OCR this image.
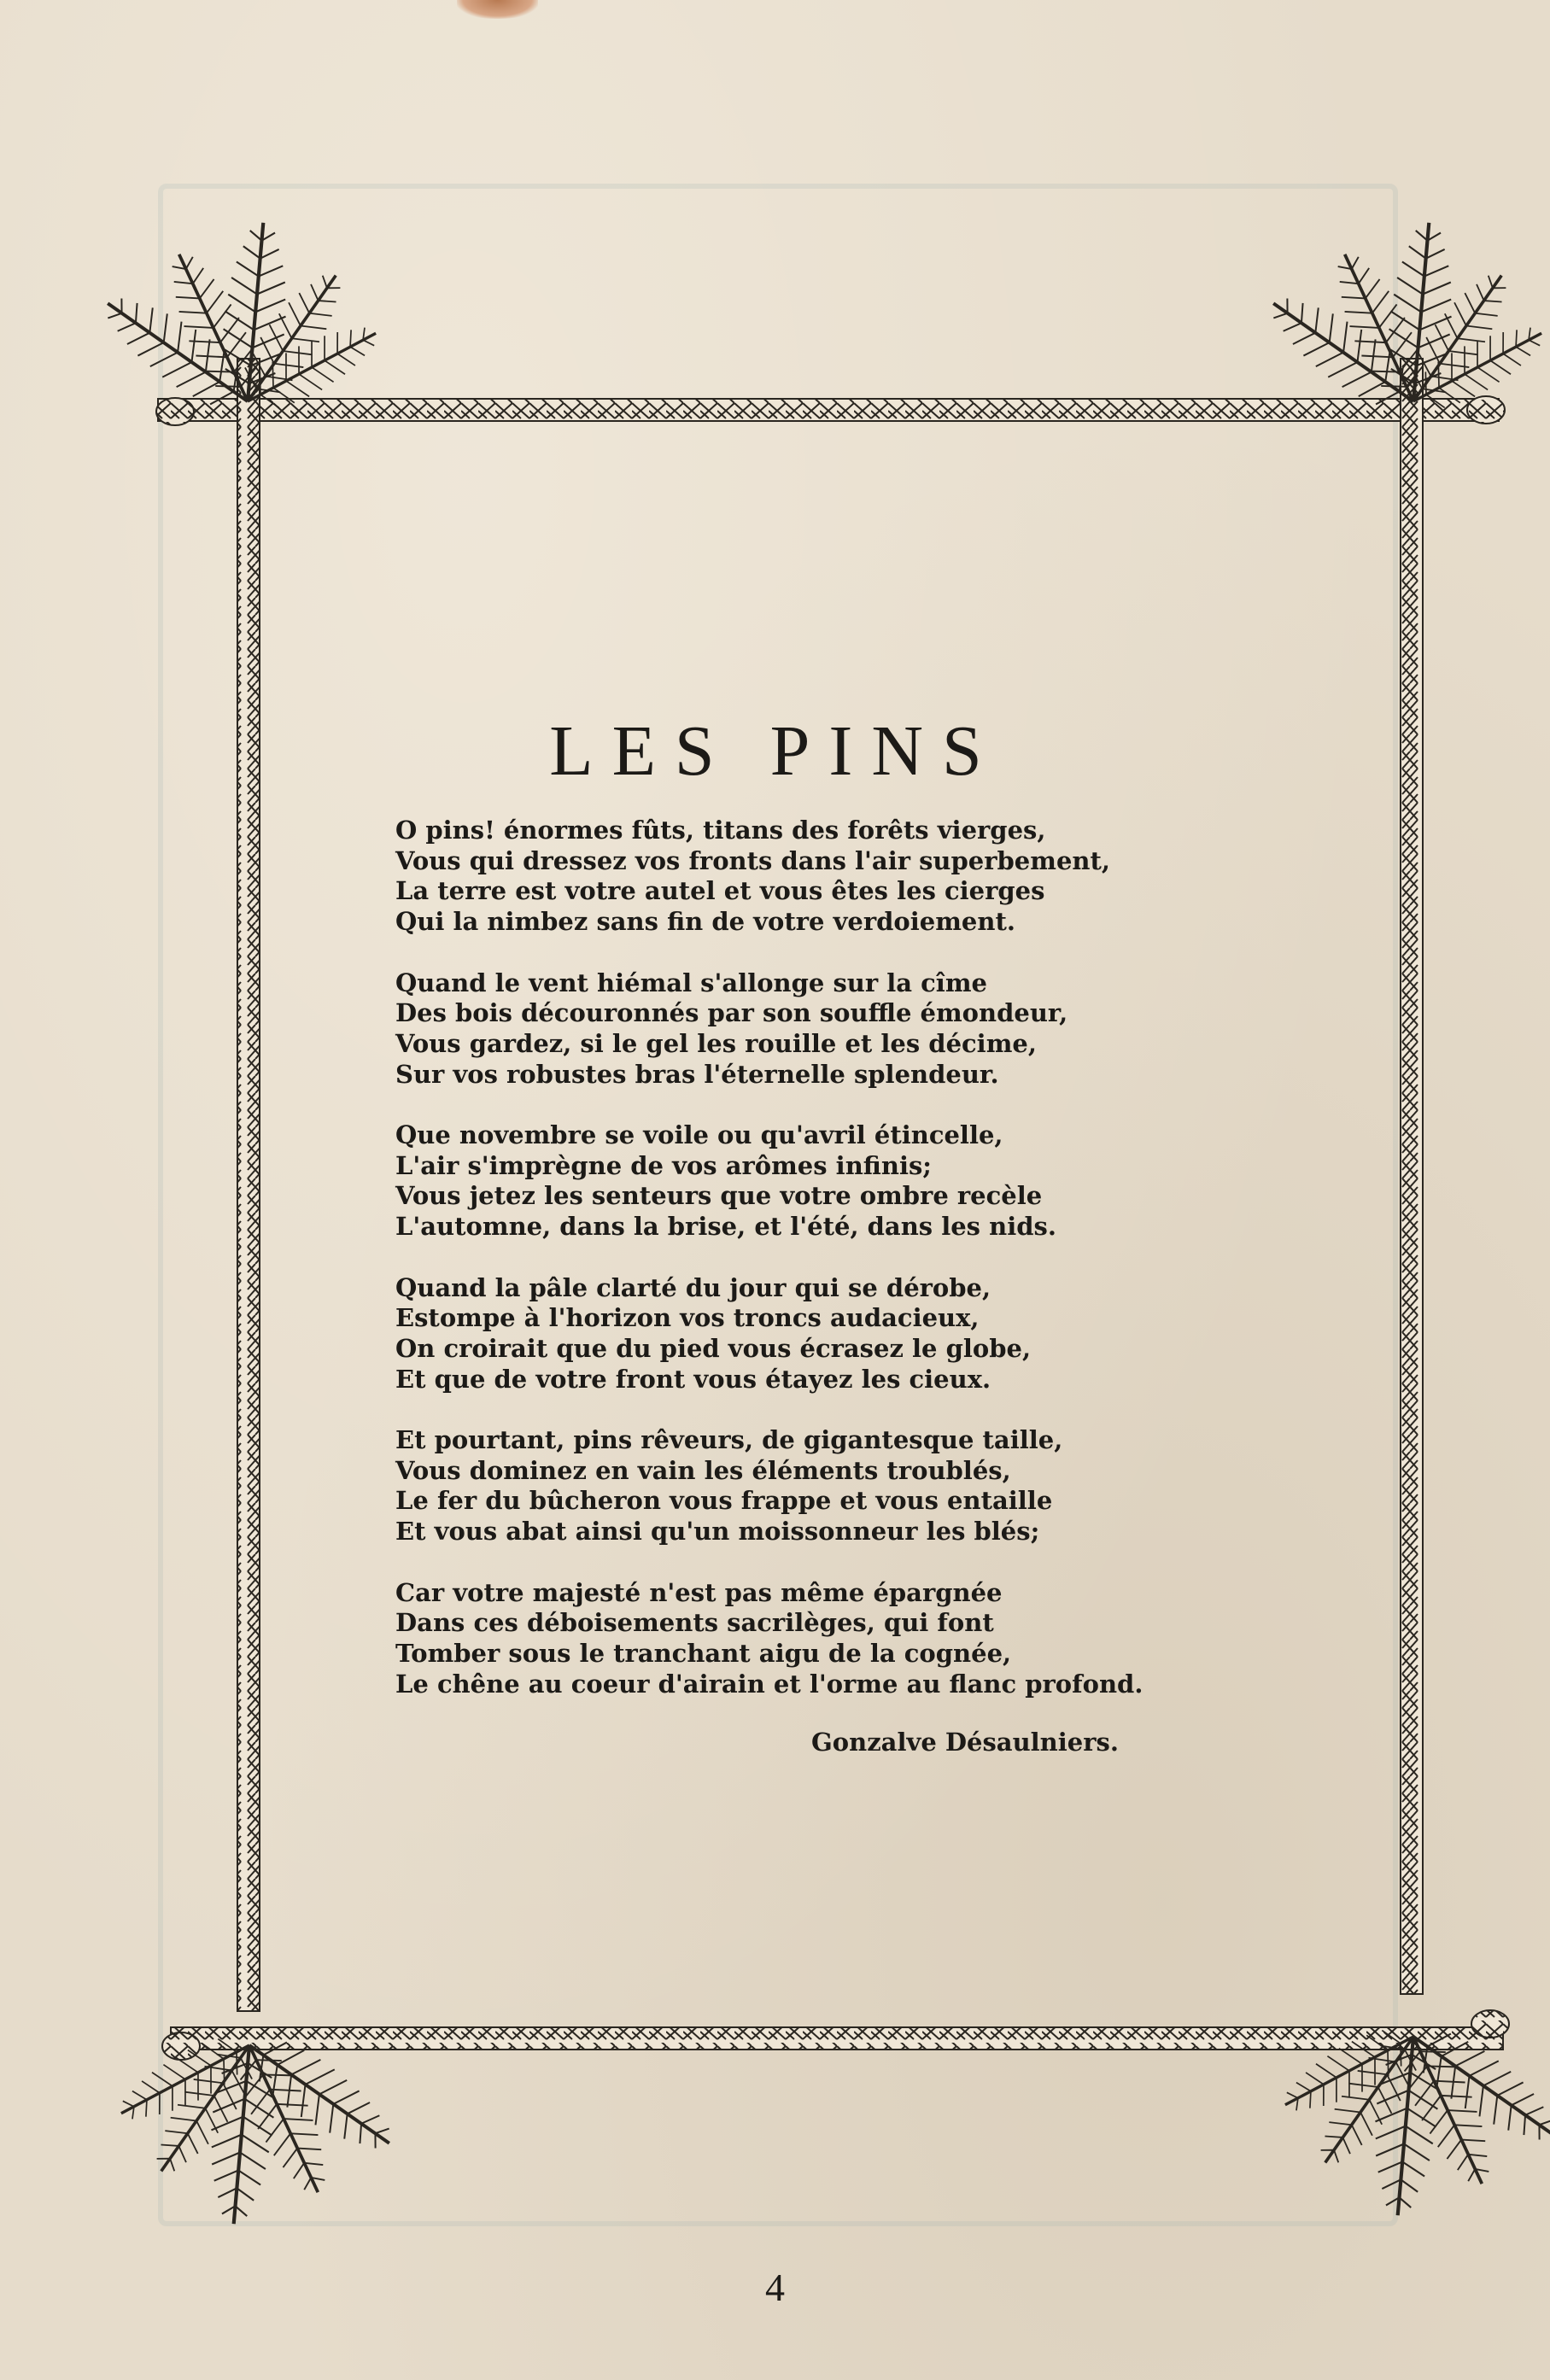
LES PINS
O pins! énormes fûts, titans des forêts vierges,
Vous qui dressez vos fronts dans l'air superbement,
La terre est votre autel et vous êtes les cierges
Qui la nimbez sans fin de votre verdoiement.
Quand le vent hiémal s'allonge sur la cîme
Des bois découronnés par son souffle émondeur,
Vous gardez, si le gel les rouille et les décime,
Sur vos robustes bras l'éternelle splendeur.
Que novembre se voile ou qu'avril étincelle,
L'air s'imprègne de vos arômes infinis;
Vous jetez les senteurs que votre ombre recèle
L'automne, dans la brise, et l'été, dans les nids.
Quand la pâle clarté du jour qui se dérobe,
Estompe à l'horizon vos troncs audacieux,
On croirait que du pied vous écrasez le globe,
Et que de votre front vous étayez les cieux.
Et pourtant, pins rêveurs, de gigantesque taille,
Vous dominez en vain les éléments troublés,
Le fer du bûcheron vous frappe et vous entaille
Et vous abat ainsi qu'un moissonneur les blés;
Car votre majesté n'est pas même épargnée
Dans ces déboisements sacrilèges, qui font
Tomber sous le tranchant aigu de la cognée,
Le chêne au coeur d'airain et l'orme au flanc profond.
Gonzalve Désaulniers.
4
